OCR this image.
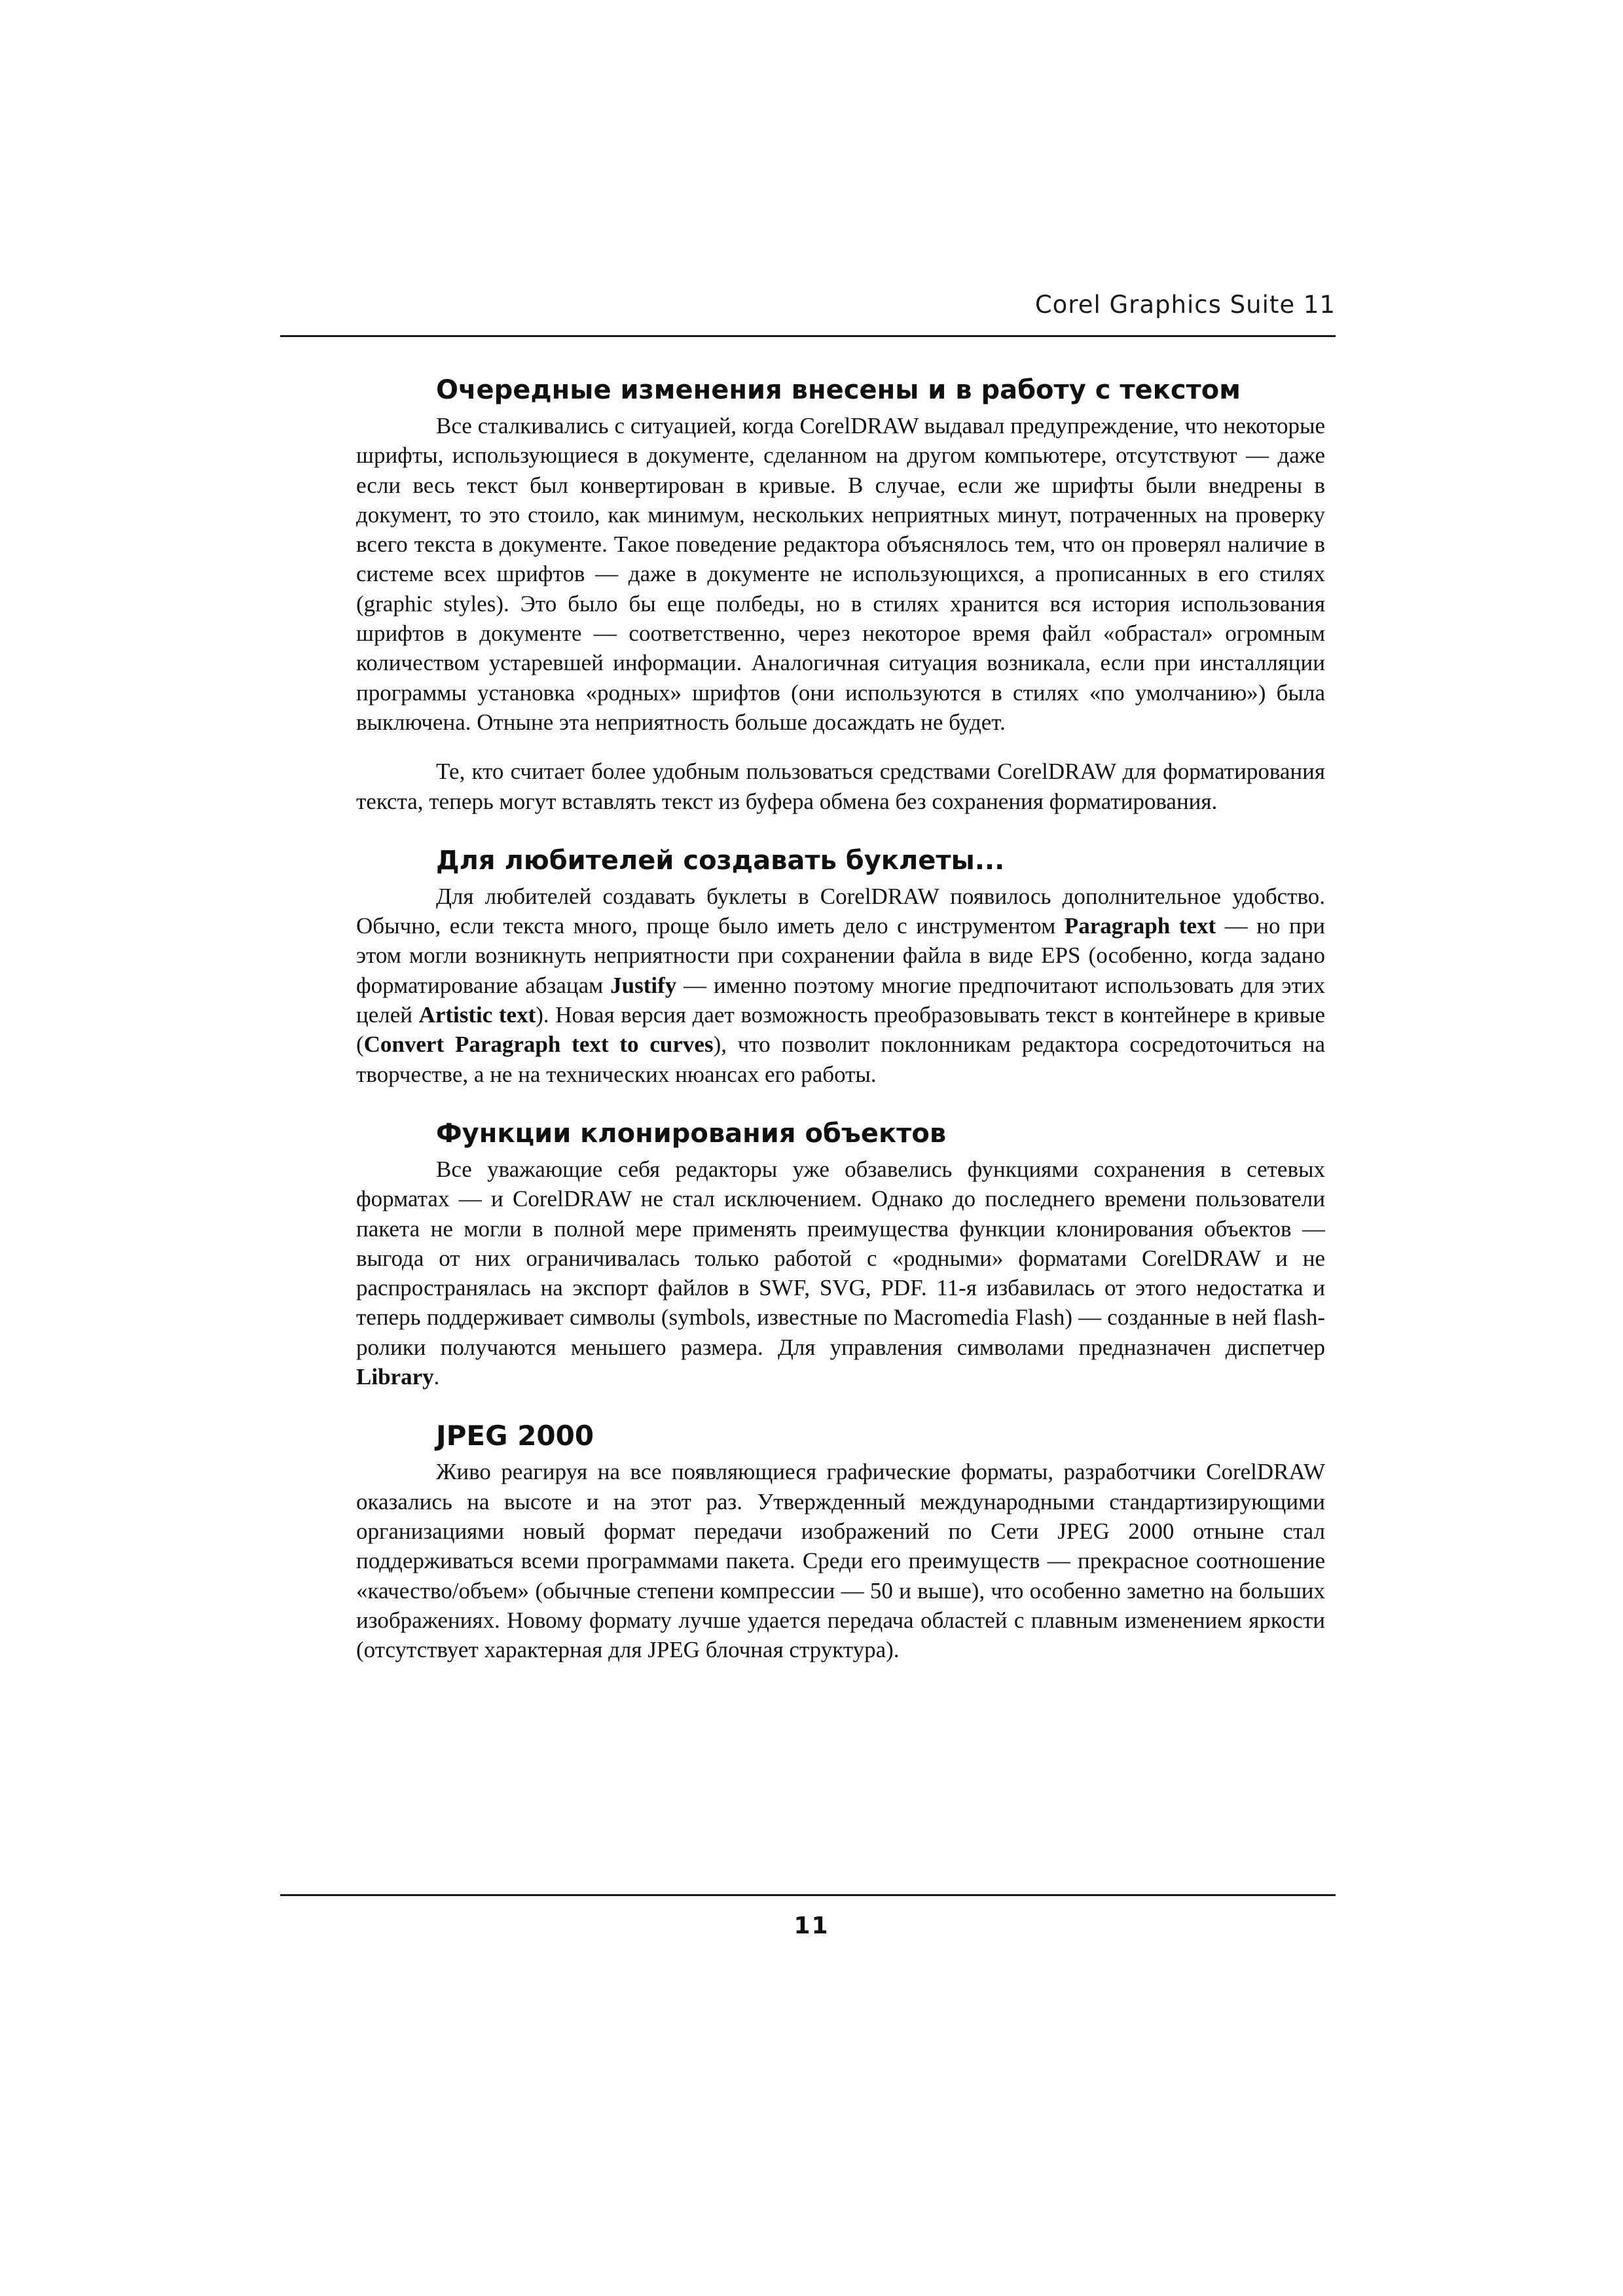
Corel Graphics Suite 11
Очередные изменения внесены и в работу с текстом

Все сталкивались с ситуацией, когда CorelDRAW выдавал предупреждение, что некоторые шрифты, использующиеся в документе, сделанном на другом компьютере, отсутствуют — даже если весь текст был конвертирован в кривые. В случае, если же шрифты были внедрены в документ, то это стоило, как минимум, нескольких неприятных минут, потраченных на проверку всего текста в документе. Такое поведение редактора объяснялось тем, что он проверял наличие в системе всех шрифтов — даже в документе не использующихся, а прописанных в его стилях (graphic styles). Это было бы еще полбеды, но в стилях хранится вся история использования шрифтов в документе — соответственно, через некоторое время файл «обрастал» огромным количеством устаревшей информации. Аналогичная ситуация возникала, если при инсталляции программы установка «родных» шрифтов (они используются в стилях «по умолчанию») была выключена. Отныне эта неприятность больше досаждать не будет.

Те, кто считает более удобным пользоваться средствами CorelDRAW для форматирования текста, теперь могут вставлять текст из буфера обмена без сохранения форматирования.

Для любителей создавать буклеты...

Для любителей создавать буклеты в CorelDRAW появилось дополнительное удобство. Обычно, если текста много, проще было иметь дело с инструментом Paragraph text — но при этом могли возникнуть неприятности при сохранении файла в виде EPS (особенно, когда задано форматирование абзацам Justify — именно поэтому многие предпочитают использовать для этих целей Artistic text). Новая версия дает возможность преобразовывать текст в контейнере в кривые (Convert Paragraph text to curves), что позволит поклонникам редактора сосредоточиться на творчестве, а не на технических нюансах его работы.

Функции клонирования объектов

Все уважающие себя редакторы уже обзавелись функциями сохранения в сетевых форматах — и CorelDRAW не стал исключением. Однако до последнего времени пользователи пакета не могли в полной мере применять преимущества функции клонирования объектов — выгода от них ограничивалась только работой с «родными» форматами CorelDRAW и не распространялась на экспорт файлов в SWF, SVG, PDF. 11-я избавилась от этого недостатка и теперь поддерживает символы (symbols, известные по Macromedia Flash) — созданные в ней flash-ролики получаются меньшего размера. Для управления символами предназначен диспетчер Library.

JPEG 2000

Живо реагируя на все появляющиеся графические форматы, разработчики CorelDRAW оказались на высоте и на этот раз. Утвержденный международными стандартизирующими организациями новый формат передачи изображений по Сети JPEG 2000 отныне стал поддерживаться всеми программами пакета. Среди его преимуществ — прекрасное соотношение «качество/объем» (обычные степени компрессии — 50 и выше), что особенно заметно на больших изображениях. Новому формату лучше удается передача областей с плавным изменением яркости (отсутствует характерная для JPEG блочная структура).

11
